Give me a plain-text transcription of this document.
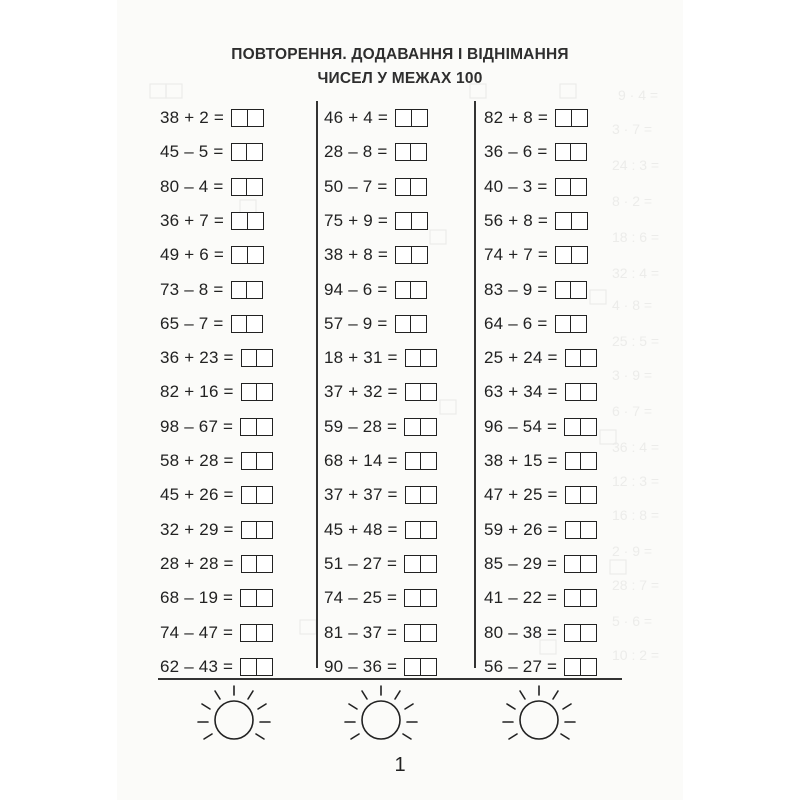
9 · 4 =
3 · 7 =
24 : 3 =
8 · 2 =
18 : 6 =
32 : 4 =
4 · 8 =
25 : 5 =
3 · 9 =
6 · 7 =
36 : 4 =
12 : 3 =
16 : 8 =
2 · 9 =
28 : 7 =
5 · 6 =
10 : 2 =
ПОВТОРЕННЯ. ДОДАВАННЯ І ВІДНІМАННЯ
ЧИСЕЛ У МЕЖАХ 100
38 + 2 =
45 – 5 =
80 – 4 =
36 + 7 =
49 + 6 =
73 – 8 =
65 – 7 =
36 + 23 =
82 + 16 =
98 – 67 =
58 + 28 =
45 + 26 =
32 + 29 =
28 + 28 =
68 – 19 =
74 – 47 =
62 – 43 =
46 + 4 =
28 – 8 =
50 – 7 =
75 + 9 =
38 + 8 =
94 – 6 =
57 – 9 =
18 + 31 =
37 + 32 =
59 – 28 =
68 + 14 =
37 + 37 =
45 + 48 =
51 – 27 =
74 – 25 =
81 – 37 =
90 – 36 =
82 + 8 =
36 – 6 =
40 – 3 =
56 + 8 =
74 + 7 =
83 – 9 =
64 – 6 =
25 + 24 =
63 + 34 =
96 – 54 =
38 + 15 =
47 + 25 =
59 + 26 =
85 – 29 =
41 – 22 =
80 – 38 =
56 – 27 =
1
